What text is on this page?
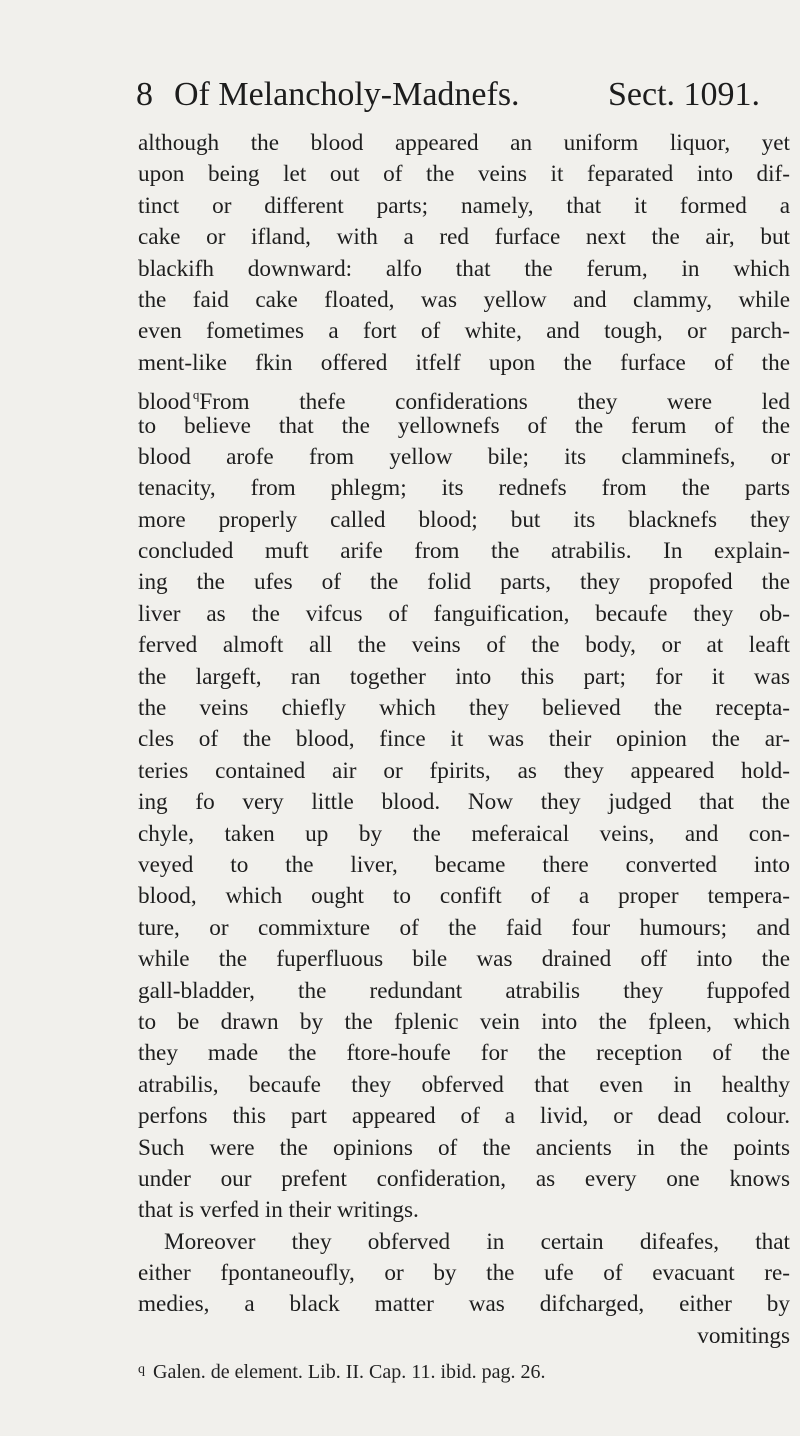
8 Of Melancholy-Madnefs.	Sect. 1091.
although the blood appeared an uniform liquor, yet
upon being let out of the veins it feparated into dif-
tinct or different parts; namely, that it formed a
cake or ifland, with a red furface next the air, but
blackifh downward: alfo that the ferum, in which
the faid cake floated, was yellow and clammy, while
even fometimes a fort of white, and tough, or parch-
ment-like fkin offered itfelf upon the furface of the
blood $^q$From thefe confiderations they were led
to believe that the yellownefs of the ferum of the
blood arofe from yellow bile; its clamminefs, or
tenacity, from phlegm; its rednefs from the parts
more properly called blood; but its blacknefs they
concluded muft arife from the atrabilis. In explain-
ing the ufes of the folid parts, they propofed the
liver as the vifcus of fanguification, becaufe they ob-
ferved almoft all the veins of the body, or at leaft
the largeft, ran together into this part; for it was
the veins chiefly which they believed the recepta-
cles of the blood, fince it was their opinion the ar-
teries contained air or fpirits, as they appeared hold-
ing fo very little blood. Now they judged that the
chyle, taken up by the meferaical veins, and con-
veyed to the liver, became there converted into
blood, which ought to confift of a proper tempera-
ture, or commixture of the faid four humours; and
while the fuperfluous bile was drained off into the
gall-bladder, the redundant atrabilis they fuppofed
to be drawn by the fplenic vein into the fpleen, which
they made the ftore-houfe for the reception of the
atrabilis, becaufe they obferved that even in healthy
perfons this part appeared of a livid, or dead colour.
Such were the opinions of the ancients in the points
under our prefent confideration, as every one knows
that is verfed in their writings.
Moreover they obferved in certain difeafes, that
either fpontaneoufly, or by the ufe of evacuant re-
medies, a black matter was difcharged, either by
vomitings
$^q$ Galen. de element. Lib. II. Cap. 11. ibid. pag. 26.
